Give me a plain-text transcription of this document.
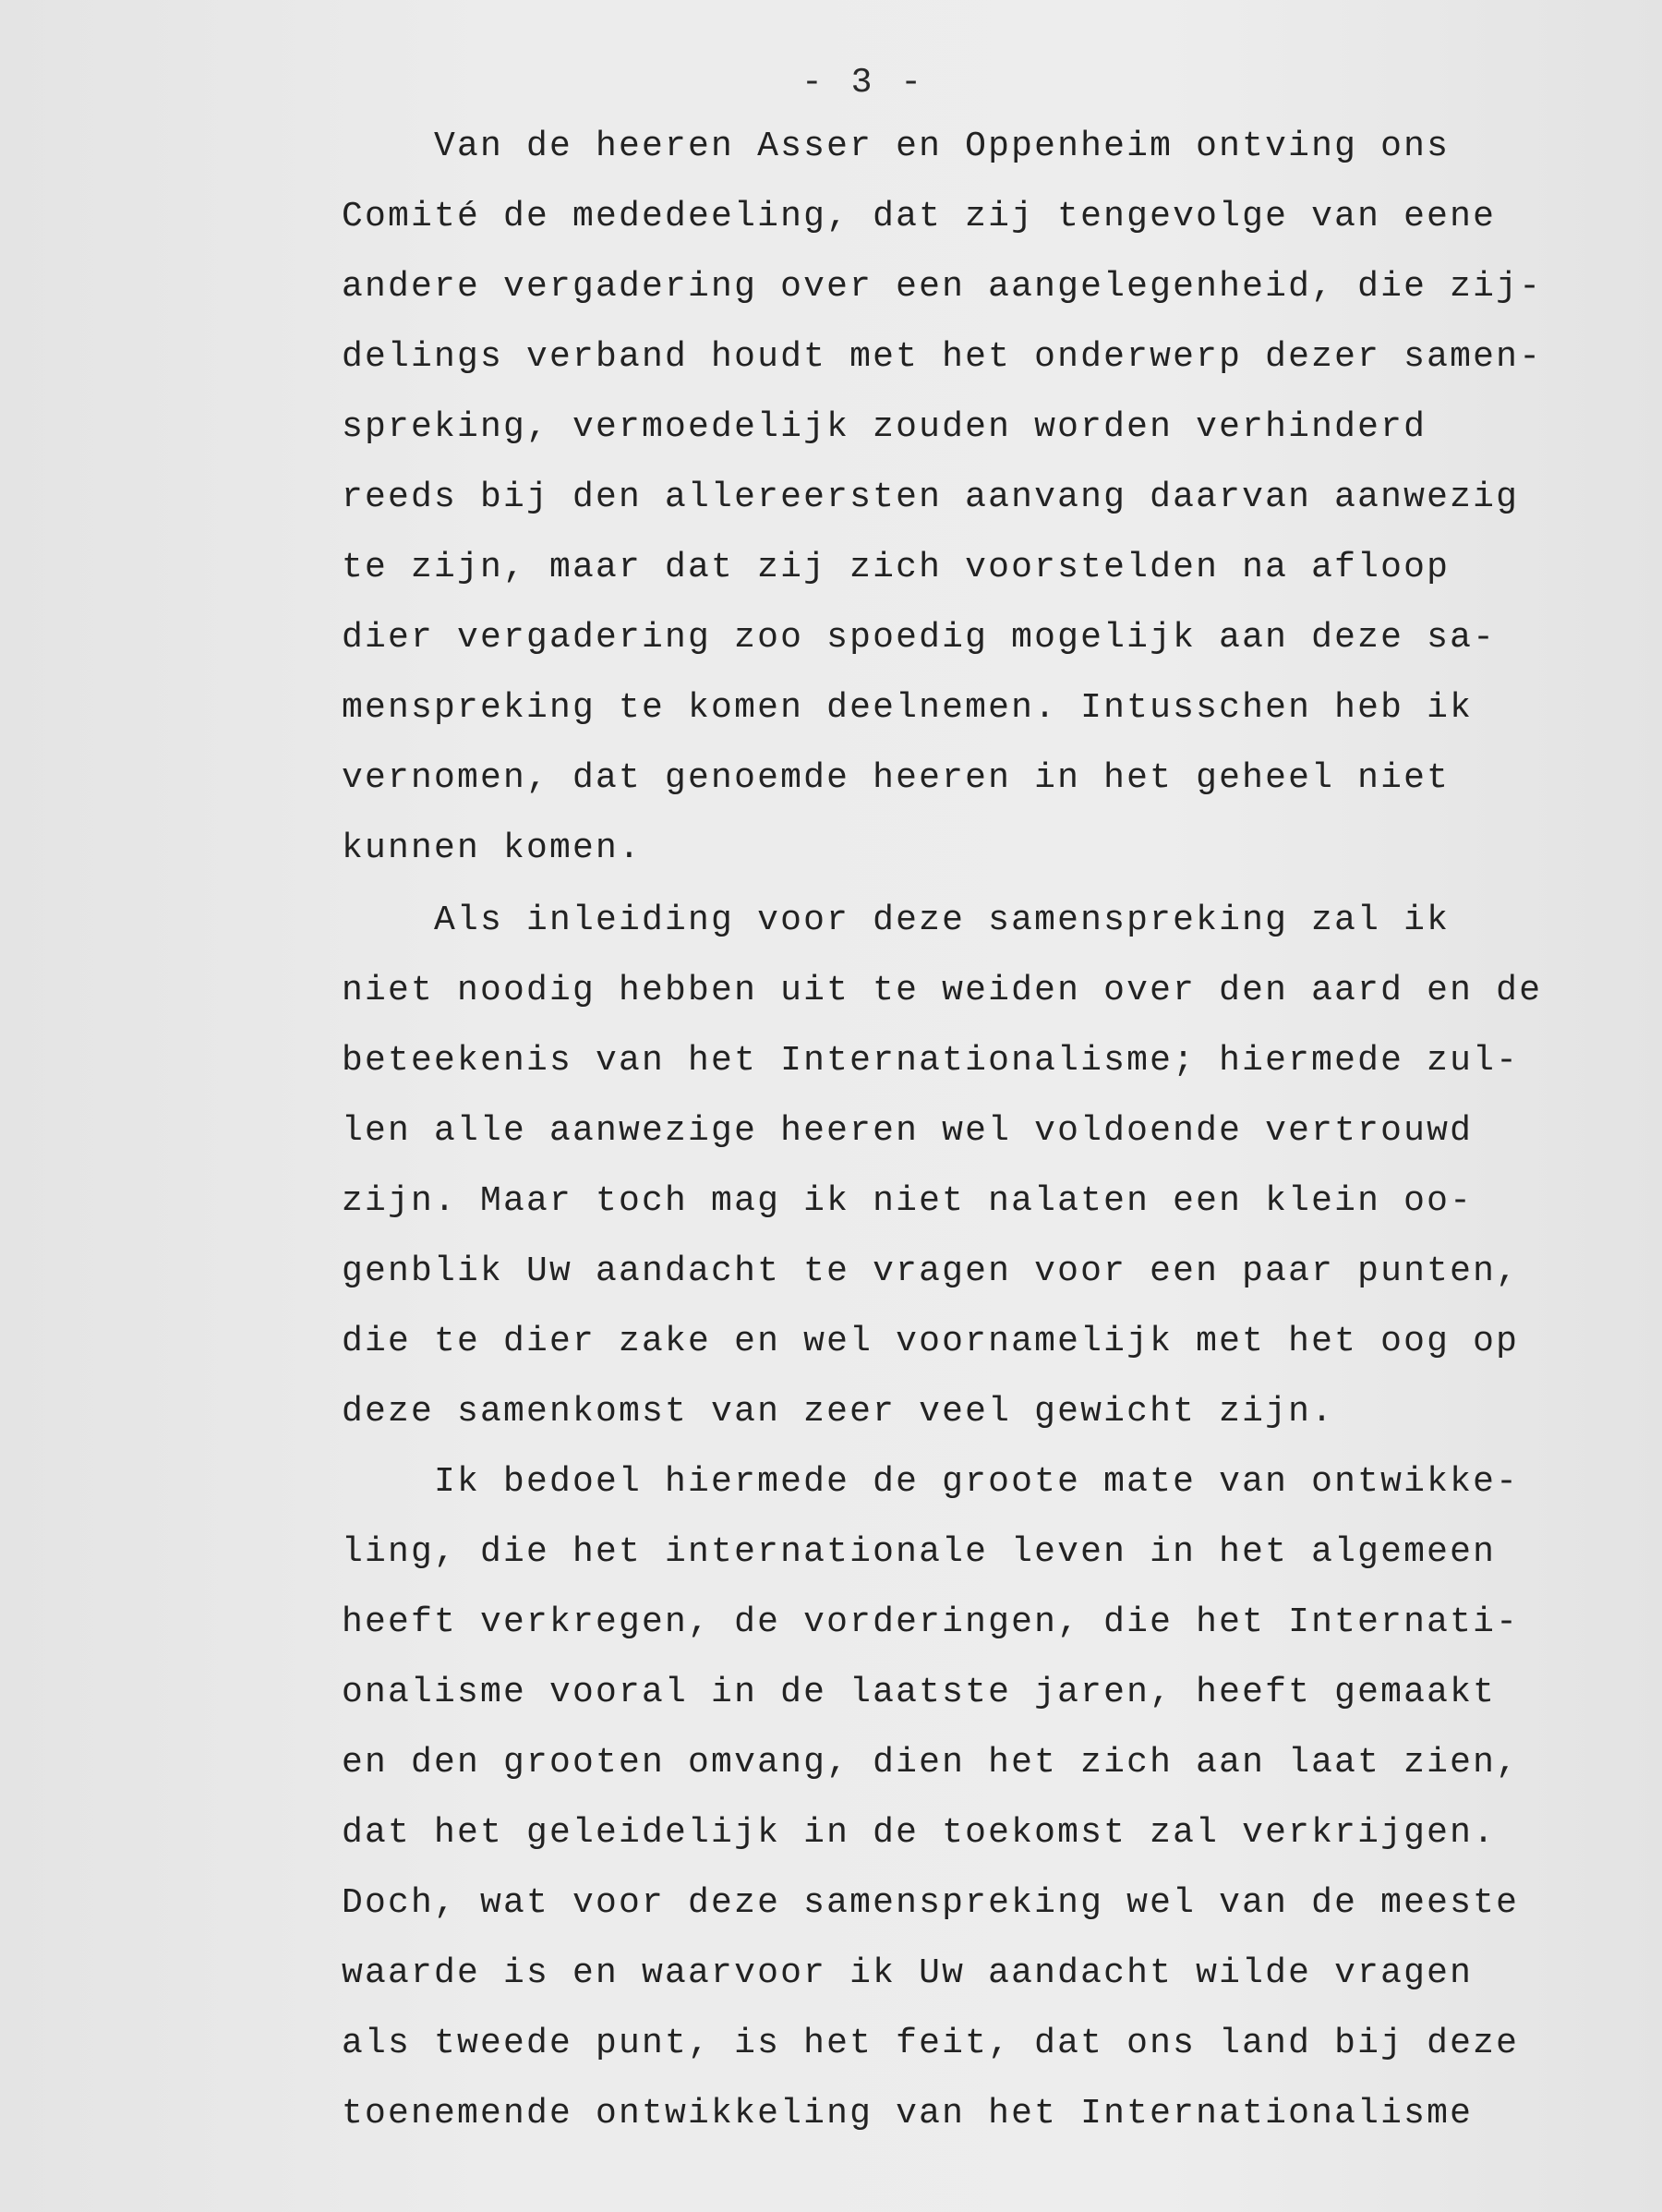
- 3 -
Van de heeren Asser en Oppenheim ontving ons
Comité de mededeeling, dat zij tengevolge van eene
andere vergadering over een aangelegenheid, die zij-
delings verband houdt met het onderwerp dezer samen-
spreking, vermoedelijk zouden worden verhinderd
reeds bij den allereersten aanvang daarvan aanwezig
te zijn, maar dat zij zich voorstelden na afloop
dier vergadering zoo spoedig mogelijk aan deze sa-
menspreking te komen deelnemen. Intusschen heb ik
vernomen, dat genoemde heeren in het geheel niet
kunnen komen.
Als inleiding voor deze samenspreking zal ik
niet noodig hebben uit te weiden over den aard en de
beteekenis van het Internationalisme; hiermede zul-
len alle aanwezige heeren wel voldoende vertrouwd
zijn. Maar toch mag ik niet nalaten een klein oo-
genblik Uw aandacht te vragen voor een paar punten,
die te dier zake en wel voornamelijk met het oog op
deze samenkomst van zeer veel gewicht zijn.
Ik bedoel hiermede de groote mate van ontwikke-
ling, die het internationale leven in het algemeen
heeft verkregen, de vorderingen, die het Internati-
onalisme vooral in de laatste jaren, heeft gemaakt
en den grooten omvang, dien het zich aan laat zien,
dat het geleidelijk in de toekomst zal verkrijgen.
Doch, wat voor deze samenspreking wel van de meeste
waarde is en waarvoor ik Uw aandacht wilde vragen
als tweede punt, is het feit, dat ons land bij deze
toenemende ontwikkeling van het Internationalisme
